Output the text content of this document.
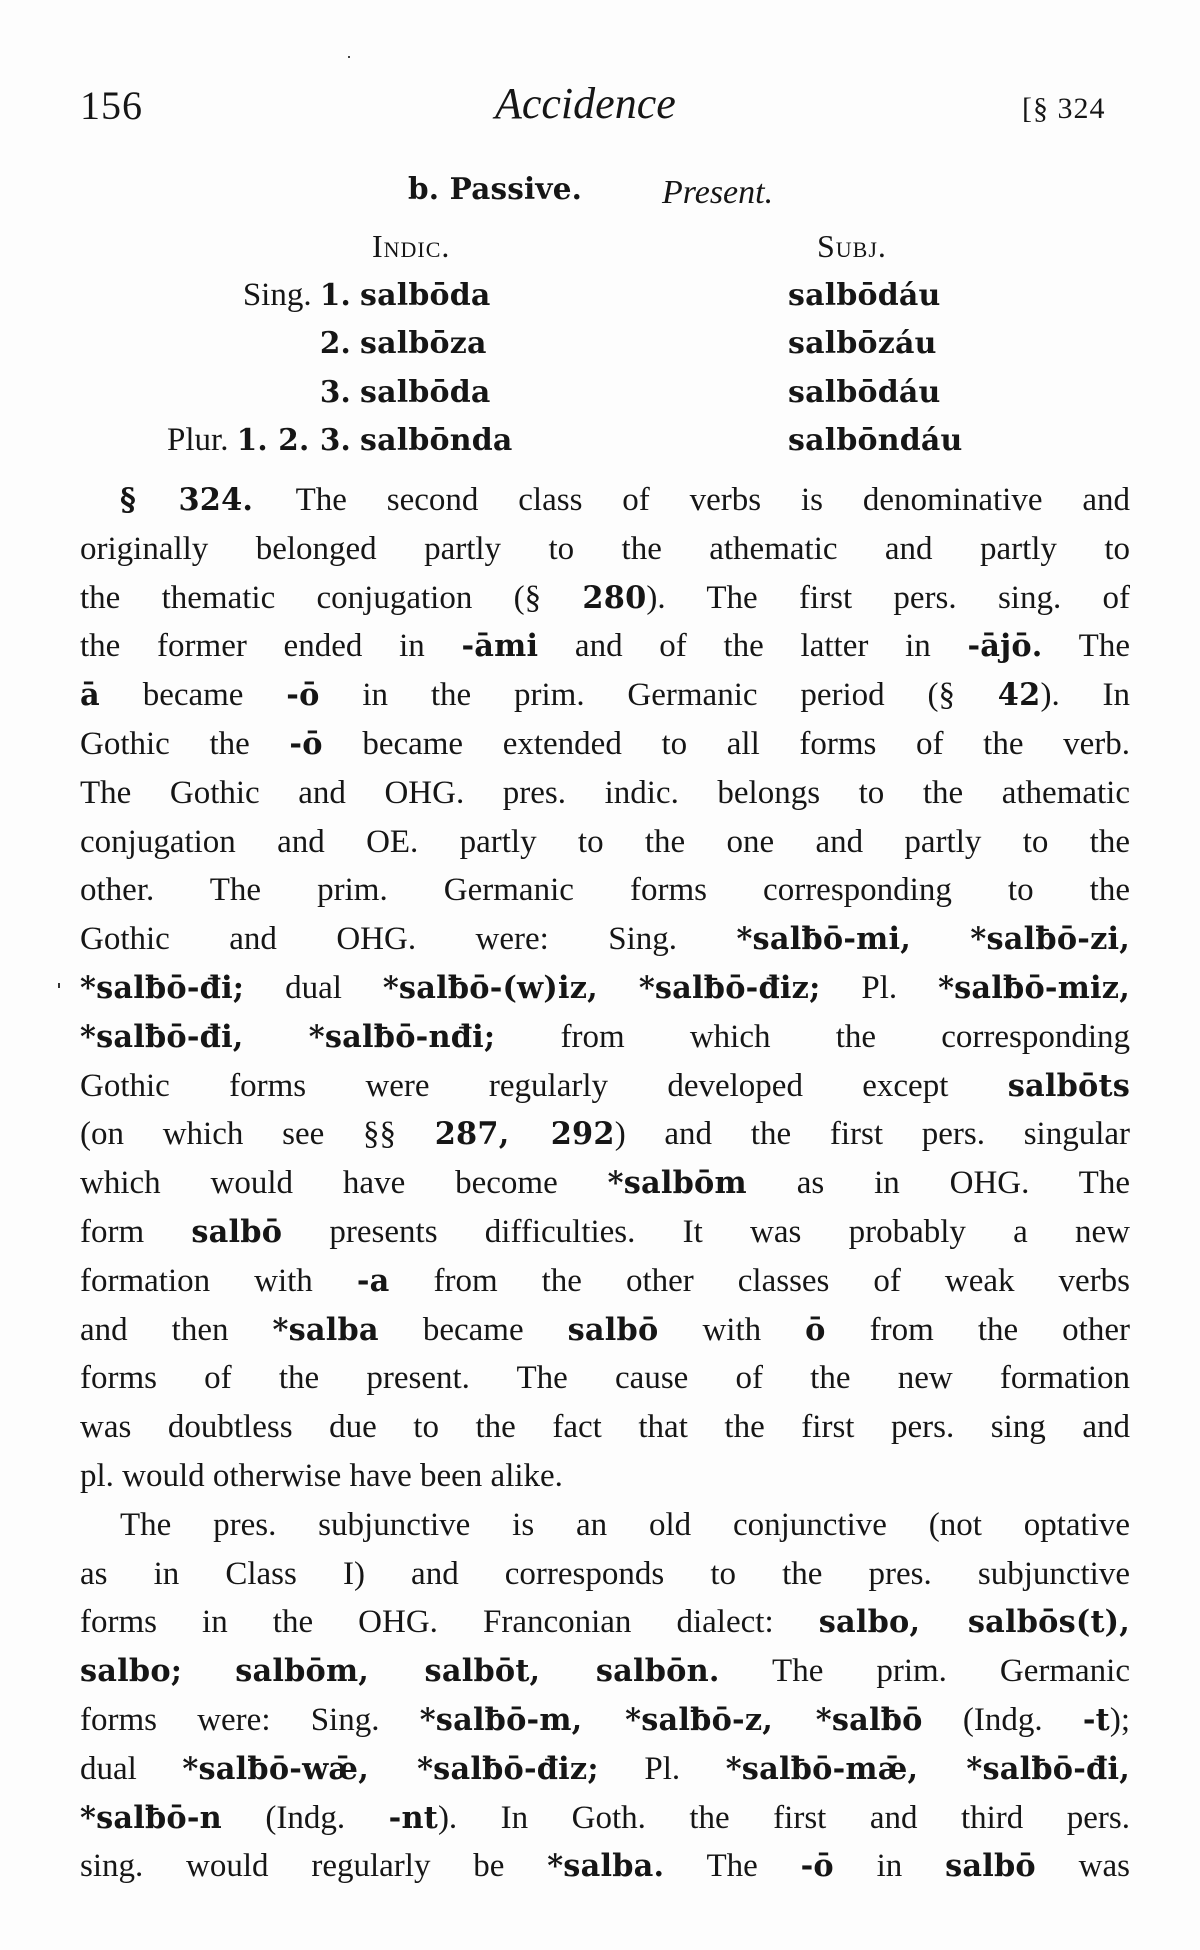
156	Accidence	[§ 324
b. Passive. Present.
Indic.	Subj.
Sing. 1. salbōda	salbōdáu
2. salbōza	salbōzáu
3. salbōda	salbōdáu
Plur. 1. 2. 3. salbōnda	salbōndáu
§ 324. The second class of verbs is denominative and
originally belonged partly to the athematic and partly to
the thematic conjugation (§ 280). The first pers. sing. of
the former ended in -āmi and of the latter in -ājō. The
ā became -ō in the prim. Germanic period (§ 42). In
Gothic the -ō became extended to all forms of the verb.
The Gothic and OHG. pres. indic. belongs to the athematic
conjugation and OE. partly to the one and partly to the
other. The prim. Germanic forms corresponding to the
Gothic and OHG. were: Sing. *salƀō-mi, *salƀō-zi,
*salƀō-đi; dual *salƀō-(w)iz, *salƀō-điz; Pl. *salƀō-miz,
*salƀō-đi, *salƀō-nđi; from which the corresponding
Gothic forms were regularly developed except salbōts
(on which see §§ 287, 292) and the first pers. singular
which would have become *salbōm as in OHG. The
form salbō presents difficulties. It was probably a new
formation with -a from the other classes of weak verbs
and then *salba became salbō with ō from the other
forms of the present. The cause of the new formation
was doubtless due to the fact that the first pers. sing and
pl. would otherwise have been alike.
The pres. subjunctive is an old conjunctive (not optative
as in Class I) and corresponds to the pres. subjunctive
forms in the OHG. Franconian dialect: salbo, salbōs(t),
salbo; salbōm, salbōt, salbōn. The prim. Germanic
forms were: Sing. *salƀō-m, *salƀō-z, *salƀō (Indg. -t);
dual *salƀō-wǣ, *salƀō-điz; Pl. *salƀō-mǣ, *salƀō-đi,
*salƀō-n (Indg. -nt). In Goth. the first and third pers.
sing. would regularly be *salba. The -ō in salbō was
